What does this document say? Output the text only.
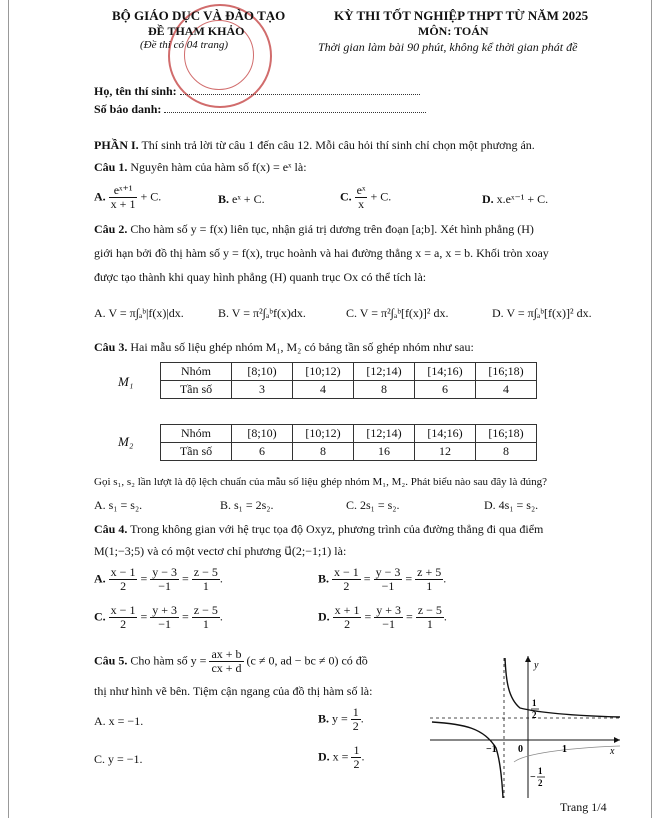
BỘ GIÁO DỤC VÀ ĐÀO TẠO
ĐỀ THAM KHẢO
(Đề thi có 04 trang)
KỲ THI TỐT NGHIỆP THPT TỪ NĂM 2025
MÔN: TOÁN
Thời gian làm bài 90 phút, không kể thời gian phát đề
Họ, tên thí sinh:
Số báo danh:
PHẦN I. Thí sinh trả lời từ câu 1 đến câu 12. Mỗi câu hỏi thí sinh chỉ chọn một phương án.
Câu 1. Nguyên hàm của hàm số f(x) = eˣ là:
A. $\frac{\text{eˣ⁺¹}}{x + 1} + C$.	B. eˣ + C.	C. $\frac{\text{eˣ}}{x} + C$.	D. x.eˣ⁻¹ + C.
Câu 2. Cho hàm số y = f(x) liên tục, nhận giá trị dương trên đoạn [a;b]. Xét hình phẳng (H)
giới hạn bởi đồ thị hàm số y = f(x), trục hoành và hai đường thẳng x = a, x = b. Khối tròn xoay
được tạo thành khi quay hình phẳng (H) quanh trục Ox có thể tích là:
A. V = π∫ₐᵇ|f(x)|dx.	B. V = π²∫ₐᵇf(x)dx.	C. V = π²∫ₐᵇ[f(x)]² dx.	D. V = π∫ₐᵇ[f(x)]² dx.
Câu 3. Hai mẫu số liệu ghép nhóm M₁, M₂ có bảng tần số ghép nhóm như sau:
M₁
Nhóm	[8;10)	[10;12)	[12;14)	[14;16)	[16;18)
Tần số	3	4	8	6	4
M₂
Nhóm	[8;10)	[10;12)	[12;14)	[14;16)	[16;18)
Tần số	6	8	16	12	8
Gọi s₁, s₂ lần lượt là độ lệch chuẩn của mẫu số liệu ghép nhóm M₁, M₂. Phát biểu nào sau đây là đúng?
A. s₁ = s₂.	B. s₁ = 2s₂.	C. 2s₁ = s₂.	D. 4s₁ = s₂.
Câu 4. Trong không gian với hệ trục tọa độ Oxyz, phương trình của đường thẳng đi qua điểm
M(1;−3;5) và có một vectơ chỉ phương u⃗(2;−1;1) là:
A. $\frac{x - 1}{2} = \frac{y - 3}{-1} = \frac{z - 5}{1}$ .	B. $\frac{x - 1}{2} = \frac{y - 3}{-1} = \frac{z + 5}{1}$ .
C. $\frac{x - 1}{2} = \frac{y + 3}{-1} = \frac{z - 5}{1}$ .	D. $\frac{x + 1}{2} = \frac{y + 3}{-1} = \frac{z - 5}{1}$ .
Câu 5. Cho hàm số $y = \frac{ax + b}{cx + d} (c \ne 0$, ad − bc ≠ 0) có đồ
thị như hình vẽ bên. Tiệm cận ngang của đồ thị hàm số là:
A. x = −1.	B. $y = \frac{1}{2}$ .
C. y = −1.	D. $x = \frac{1}{2}$ .
y
x
0
−1	1
1
2
−
1
2
Trang 1/4
